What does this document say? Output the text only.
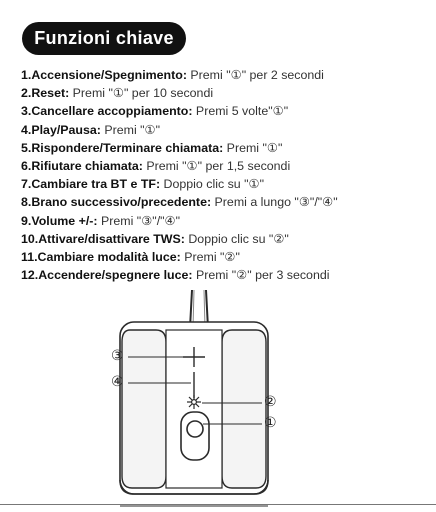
Funzioni chiave
1.Accensione/Spegnimento: Premi "①" per 2 secondi
2.Reset: Premi "①" per 10 secondi
3.Cancellare accoppiamento: Premi 5 volte"①"
4.Play/Pausa: Premi "①"
5.Rispondere/Terminare chiamata: Premi "①"
6.Rifiutare chiamata: Premi "①" per 1,5 secondi
7.Cambiare tra BT e TF: Doppio clic su "①"
8.Brano successivo/precedente: Premi a lungo "③"/"④"
9.Volume +/-: Premi "③"/"④"
10.Attivare/disattivare TWS: Doppio clic su "②"
11.Cambiare modalità luce: Premi "②"
12.Accendere/spegnere luce: Premi "②" per 3 secondi
③
④
②
①
